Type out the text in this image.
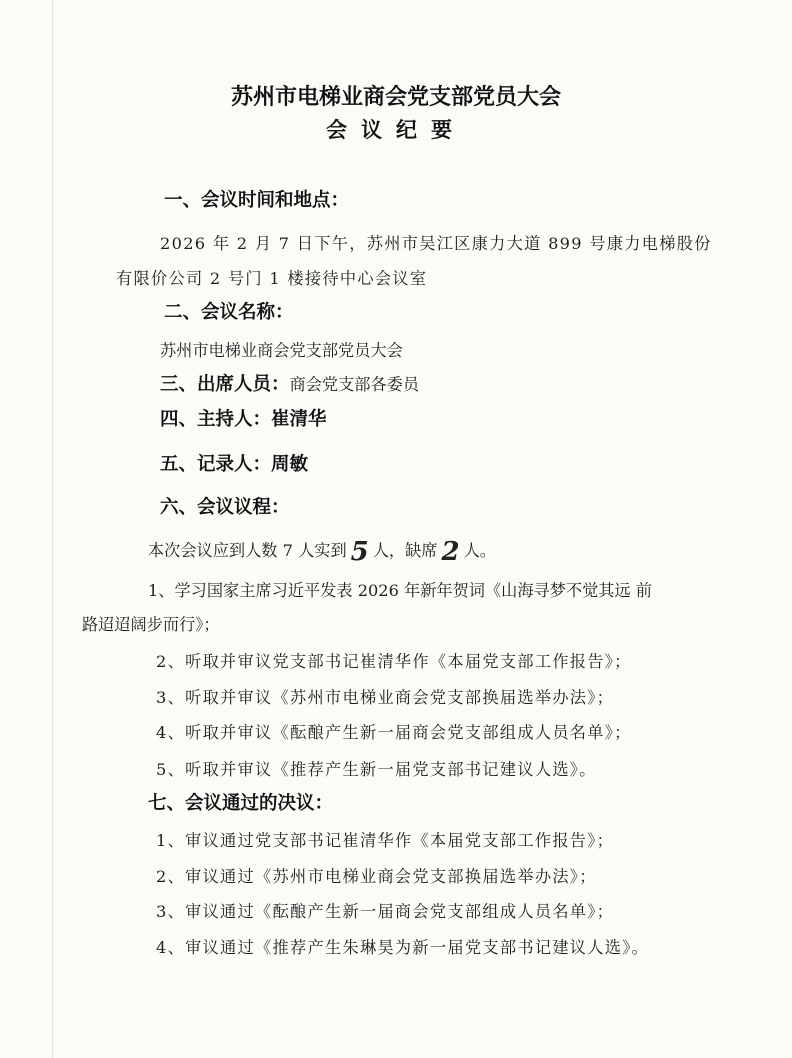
苏州市电梯业商会党支部党员大会
会议纪要
一、会议时间和地点：
2026 年 2 月 7 日下午，苏州市吴江区康力大道 899 号康力电梯股份
有限价公司 2 号门 1 楼接待中心会议室
二、会议名称：
苏州市电梯业商会党支部党员大会
三、出席人员：商会党支部各委员
四、主持人：崔清华
五、记录人：周敏
六、会议议程：
本次会议应到人数 7 人实到 5 人，缺席 2 人。
1、学习国家主席习近平发表 2026 年新年贺词《山海寻梦不觉其远 前
路迢迢阔步而行》；
2、听取并审议党支部书记崔清华作《本届党支部工作报告》；
3、听取并审议《苏州市电梯业商会党支部换届选举办法》；
4、听取并审议《酝酿产生新一届商会党支部组成人员名单》；
5、听取并审议《推荐产生新一届党支部书记建议人选》。
七、会议通过的决议：
1、审议通过党支部书记崔清华作《本届党支部工作报告》；
2、审议通过《苏州市电梯业商会党支部换届选举办法》；
3、审议通过《酝酿产生新一届商会党支部组成人员名单》；
4、审议通过《推荐产生朱琳昊为新一届党支部书记建议人选》。
